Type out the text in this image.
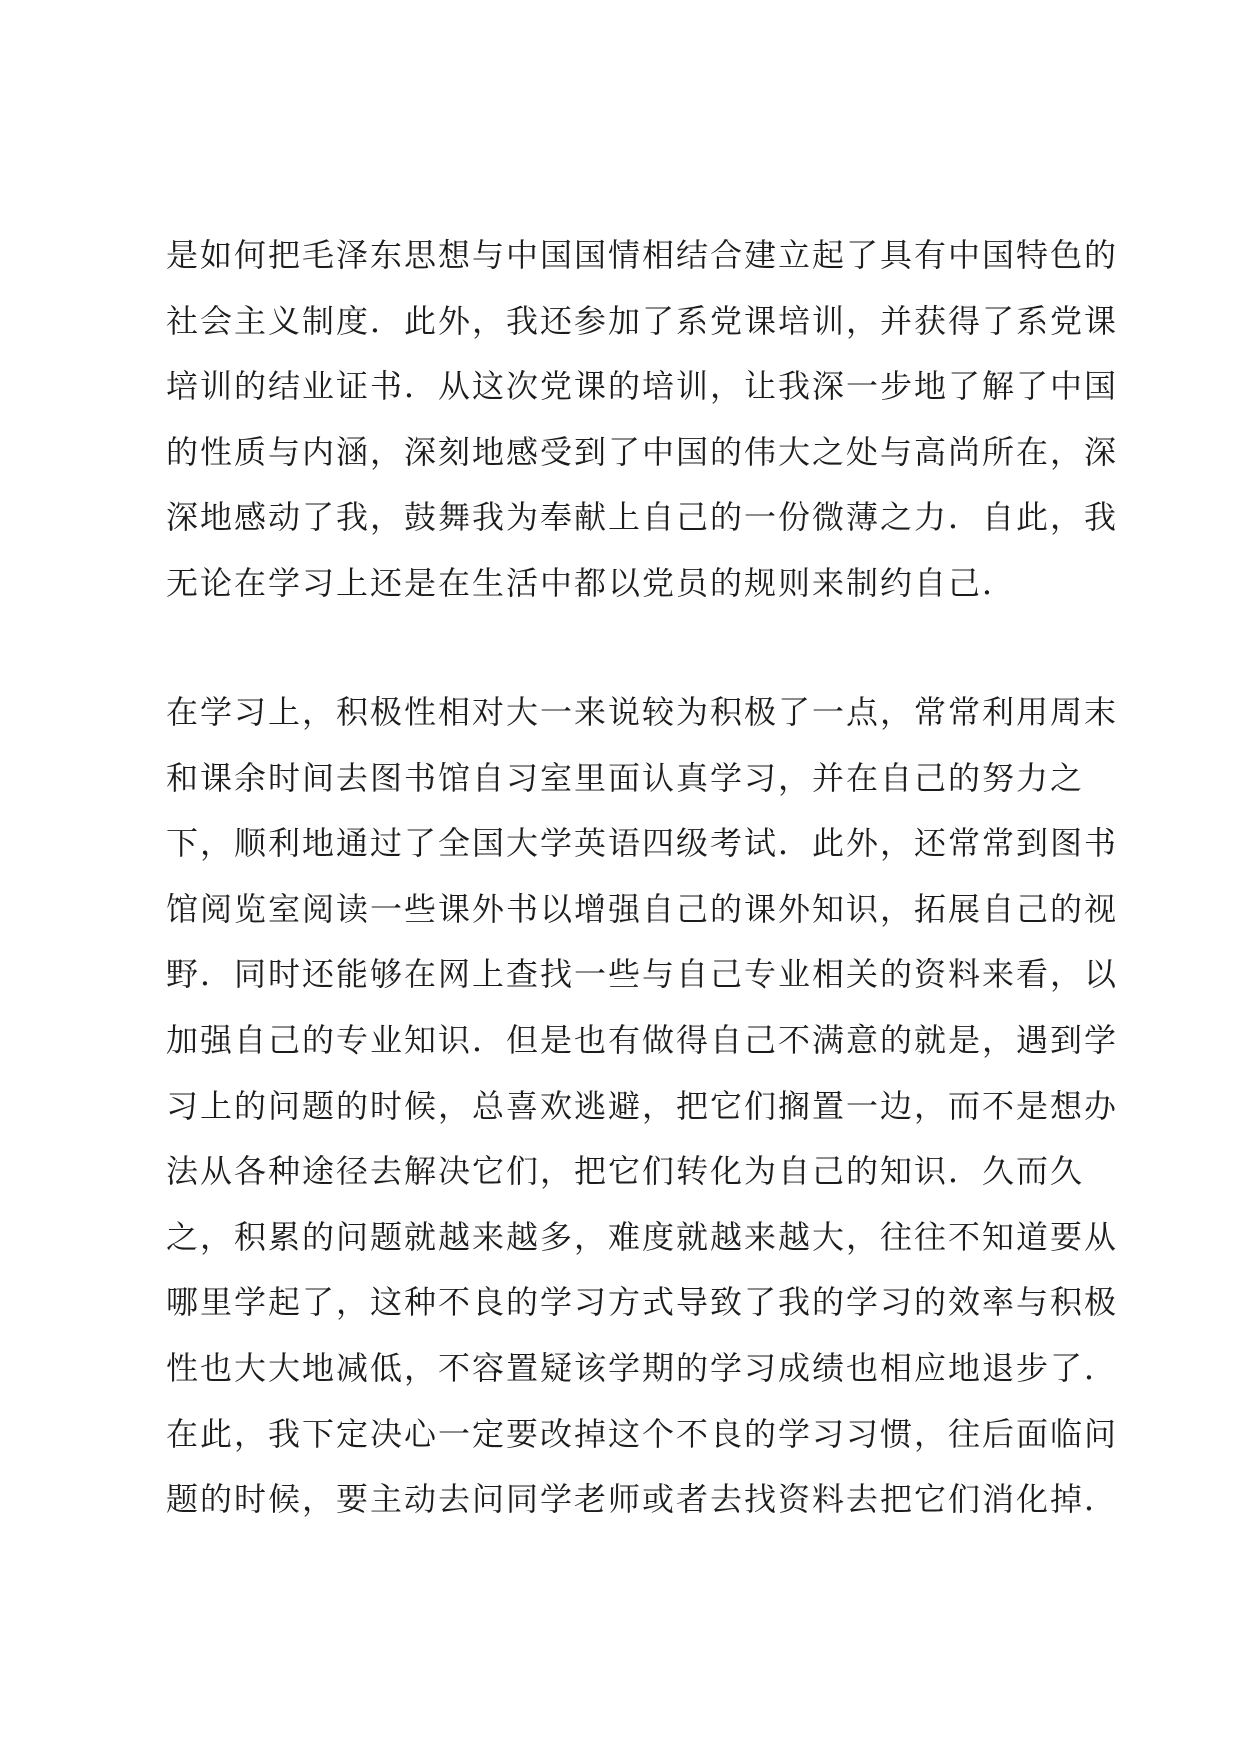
是如何把毛泽东思想与中国国情相结合建立起了具有中国特色的
社会主义制度．此外，我还参加了系党课培训，并获得了系党课
培训的结业证书．从这次党课的培训，让我深一步地了解了中国
的性质与内涵，深刻地感受到了中国的伟大之处与高尚所在，深
深地感动了我，鼓舞我为奉献上自己的一份微薄之力．自此，我
无论在学习上还是在生活中都以党员的规则来制约自己．
在学习上，积极性相对大一来说较为积极了一点，常常利用周末
和课余时间去图书馆自习室里面认真学习，并在自己的努力之
下，顺利地通过了全国大学英语四级考试．此外，还常常到图书
馆阅览室阅读一些课外书以增强自己的课外知识，拓展自己的视
野．同时还能够在网上查找一些与自己专业相关的资料来看，以
加强自己的专业知识．但是也有做得自己不满意的就是，遇到学
习上的问题的时候，总喜欢逃避，把它们搁置一边，而不是想办
法从各种途径去解决它们，把它们转化为自己的知识．久而久
之，积累的问题就越来越多，难度就越来越大，往往不知道要从
哪里学起了，这种不良的学习方式导致了我的学习的效率与积极
性也大大地减低，不容置疑该学期的学习成绩也相应地退步了．
在此，我下定决心一定要改掉这个不良的学习习惯，往后面临问
题的时候，要主动去问同学老师或者去找资料去把它们消化掉．
